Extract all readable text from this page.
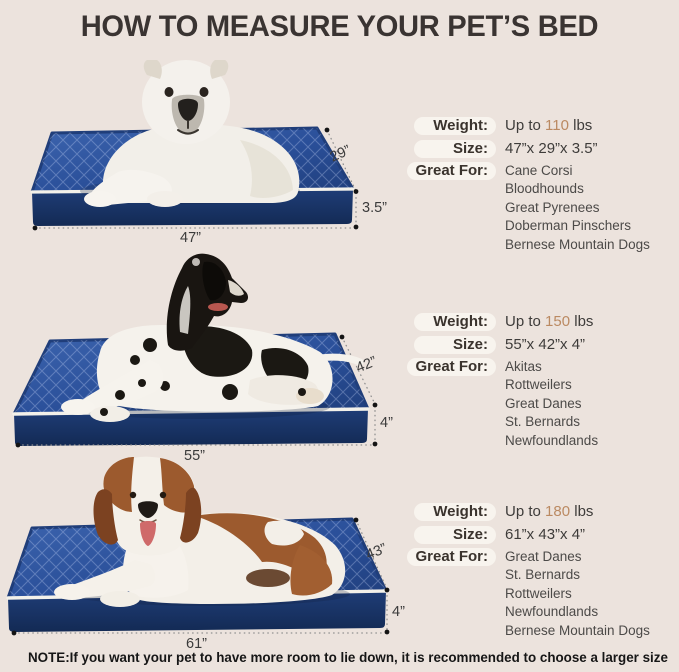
HOW TO MEASURE YOUR PET’S BED
29”
3.5”
47”
Weight:	Up to 110 lbs
Size:	47”x 29”x 3.5”
Great For:	Cane Corsi
Bloodhounds
Great Pyrenees
Doberman Pinschers
Bernese Mountain Dogs
42”
4”
55”
Weight:	Up to 150 lbs
Size:	55”x 42”x 4”
Great For:	Akitas
Rottweilers
Great Danes
St. Bernards
Newfoundlands
43”
4”
61”
Weight:	Up to 180 lbs
Size:	61”x 43”x 4”
Great For:	Great Danes
St. Bernards
Rottweilers
Newfoundlands
Bernese Mountain Dogs

NOTE:If you want your pet to have more room to lie down, it is recommended to choose a larger size
